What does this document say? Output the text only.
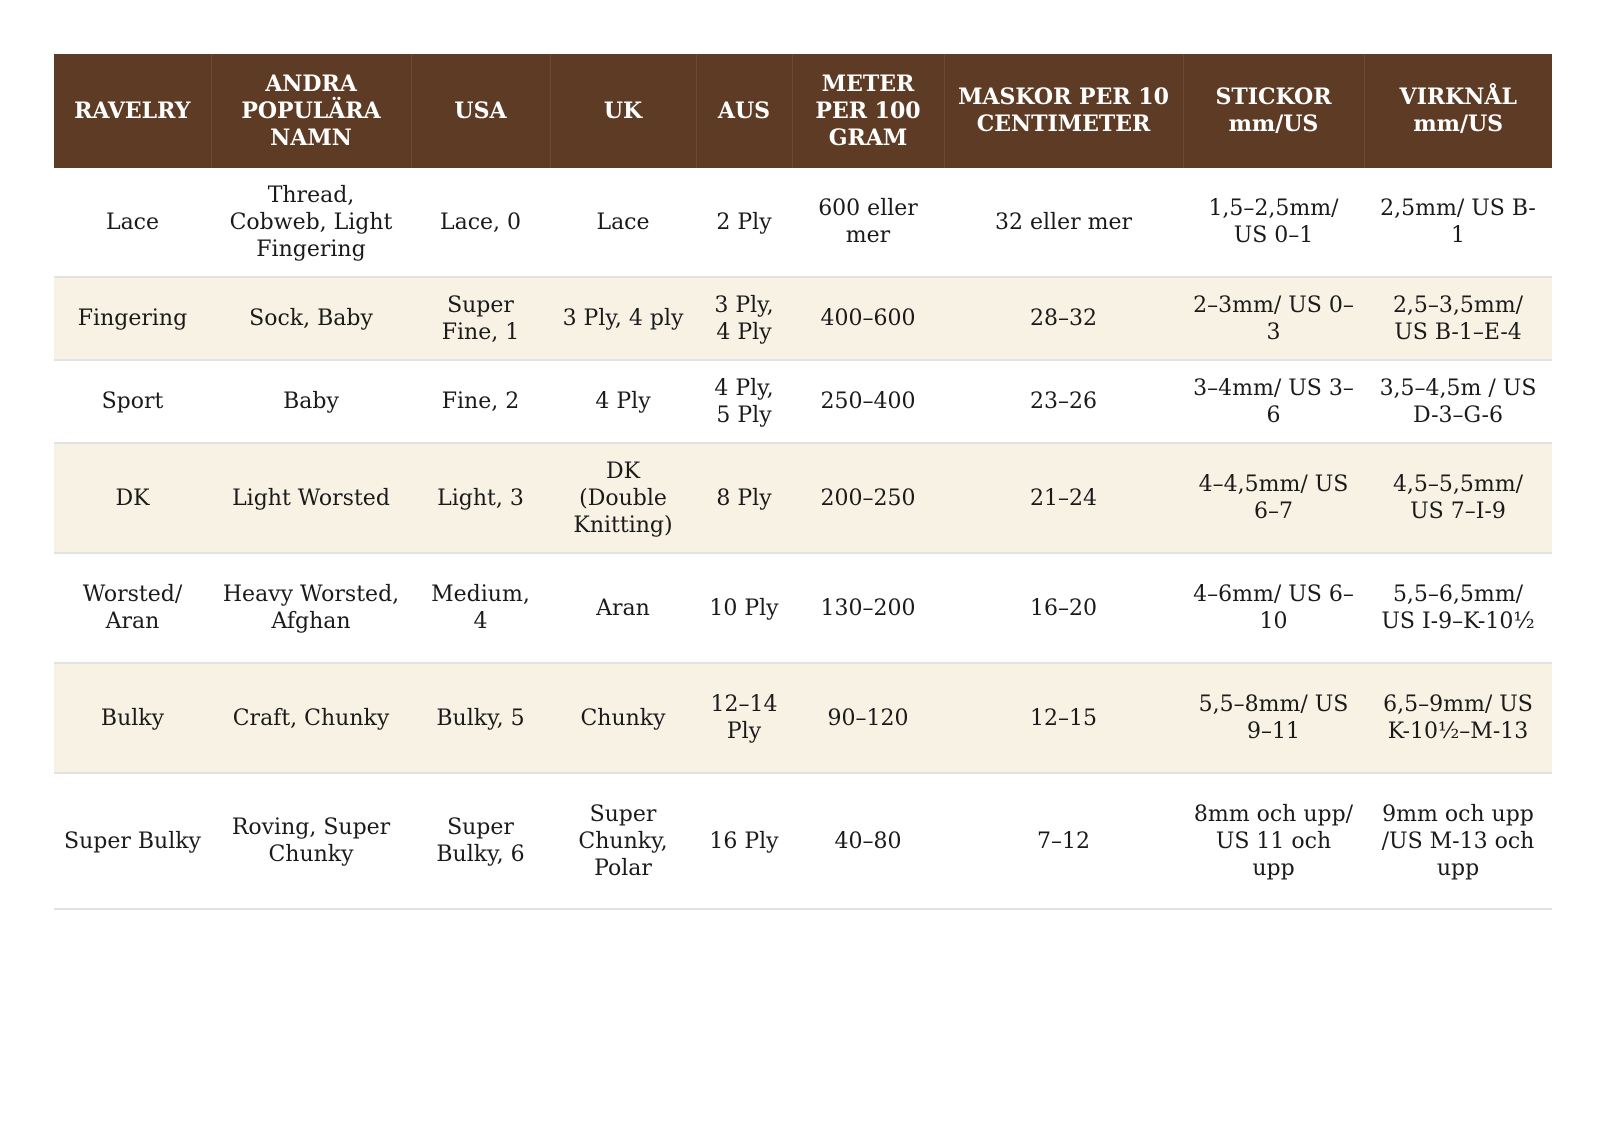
RAVELRY	ANDRA POPULÄRA NAMN	USA	UK	AUS	METER PER 100 GRAM	MASKOR PER 10 CENTIMETER	STICKOR mm/US	VIRKNÅL mm/US
Lace	Thread, Cobweb, Light Fingering	Lace, 0	Lace	2 Ply	600 eller mer	32 eller mer	1,5–2,5mm/ US 0–1	2,5mm/ US B-1
Fingering	Sock, Baby	Super Fine, 1	3 Ply, 4 ply	3 Ply, 4 Ply	400–600	28–32	2–3mm/ US 0–3	2,5–3,5mm/ US B-1–E-4
Sport	Baby	Fine, 2	4 Ply	4 Ply, 5 Ply	250–400	23–26	3–4mm/ US 3–6	3,5–4,5m / US D-3–G-6
DK	Light Worsted	Light, 3	DK (Double Knitting)	8 Ply	200–250	21–24	4–4,5mm/ US 6–7	4,5–5,5mm/ US 7–I-9
Worsted/ Aran	Heavy Worsted, Afghan	Medium, 4	Aran	10 Ply	130–200	16–20	4–6mm/ US 6–10	5,5–6,5mm/ US I-9–K-10½
Bulky	Craft, Chunky	Bulky, 5	Chunky	12–14 Ply	90–120	12–15	5,5–8mm/ US 9–11	6,5–9mm/ US K-10½–M-13
Super Bulky	Roving, Super Chunky	Super Bulky, 6	Super Chunky, Polar	16 Ply	40–80	7–12	8mm och upp/ US 11 och upp	9mm och upp /US M-13 och upp
